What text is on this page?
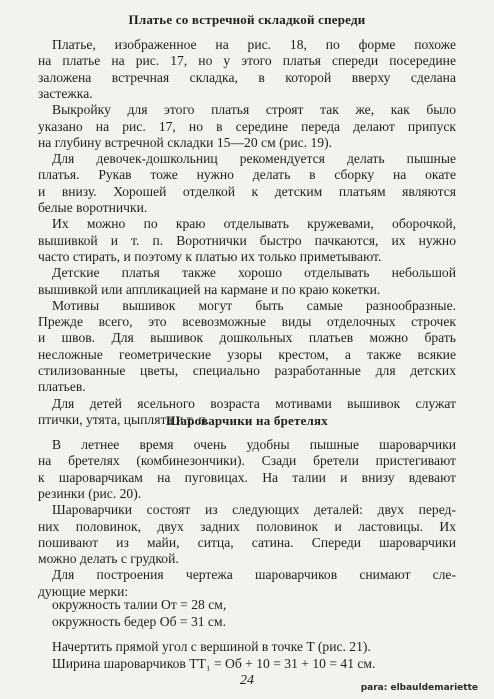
Платье со встречной складкой спереди
Платье, изображенное на рис. 18, по форме похоже
на платье на рис. 17, но у этого платья спереди посередине
заложена встречная складка, в которой вверху сделана
застежка.
Выкройку для этого платья строят так же, как было
указано на рис. 17, но в середине переда делают припуск
на глубину встречной складки 15—20 см (рис. 19).
Для девочек-дошкольниц рекомендуется делать пышные
платья. Рукав тоже нужно делать в сборку на окате
и внизу. Хорошей отделкой к детским платьям являются
белые воротнички.
Их можно по краю отделывать кружевами, оборочкой,
вышивкой и т. п. Воротнички быстро пачкаются, их нужно
часто стирать, и поэтому к платью их только приметывают.
Детские платья также хорошо отделывать небольшой
вышивкой или аппликацией на кармане и по краю кокетки.
Мотивы вышивок могут быть самые разнообразные.
Прежде всего, это всевозможные виды отделочных строчек
и швов. Для вышивок дошкольных платьев можно брать
несложные геометрические узоры крестом, а также всякие
стилизованные цветы, специально разработанные для детских
платьев.
Для детей ясельного возраста мотивами вышивок служат
птички, утята, цыплята и т. п.
Шароварчики на бретелях
В летнее время очень удобны пышные шароварчики
на бретелях (комбинезончики). Сзади бретели пристегивают
к шароварчикам на пуговицах. На талии и внизу вдевают
резинки (рис. 20).
Шароварчики состоят из следующих деталей: двух перед-
них половинок, двух задних половинок и ластовицы. Их
пошивают из майи, ситца, сатина. Спереди шароварчики
можно делать с грудкой.
Для построения чертежа шароварчиков снимают сле-
дующие мерки:
окружность талии Oт = 28 см,
окружность бедер Oб = 31 см.
Начертить прямой угол с вершиной в точке T (рис. 21).
Ширина шароварчиков TT₁ = Oб + 10 = 31 + 10 = 41 см.
24	para: elbauldemariette
